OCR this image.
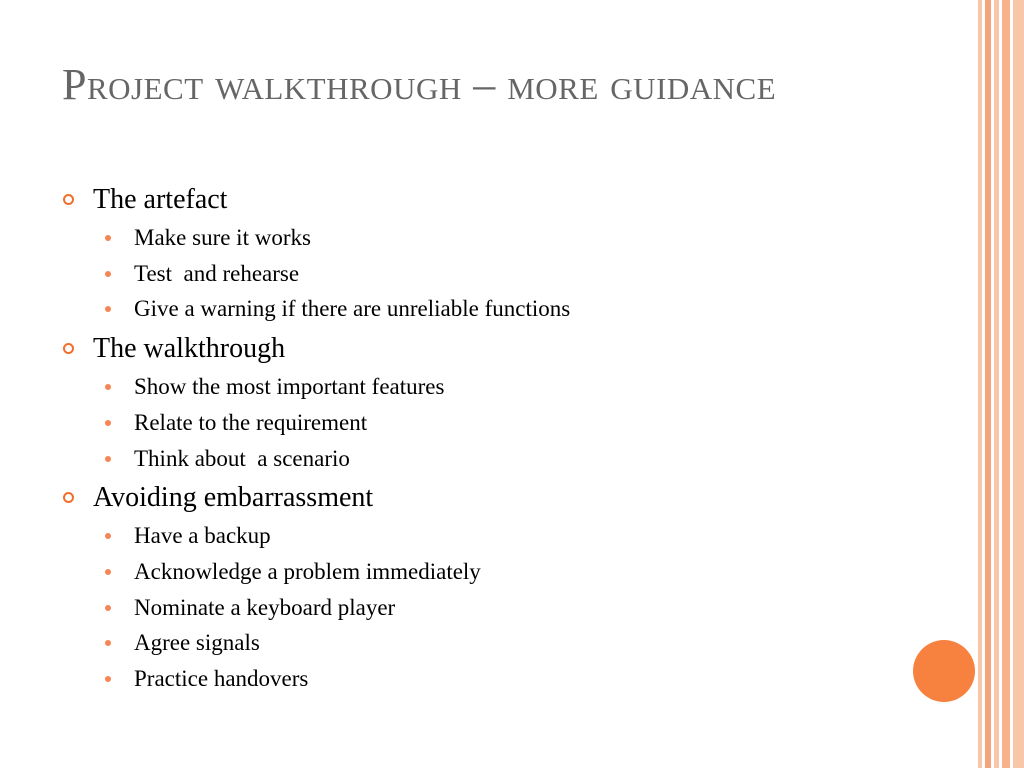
Project walkthrough – more guidance
The artefact
Make sure it works
Test  and rehearse
Give a warning if there are unreliable functions
The walkthrough
Show the most important features
Relate to the requirement
Think about  a scenario
Avoiding embarrassment
Have a backup
Acknowledge a problem immediately
Nominate a keyboard player
Agree signals
Practice handovers
